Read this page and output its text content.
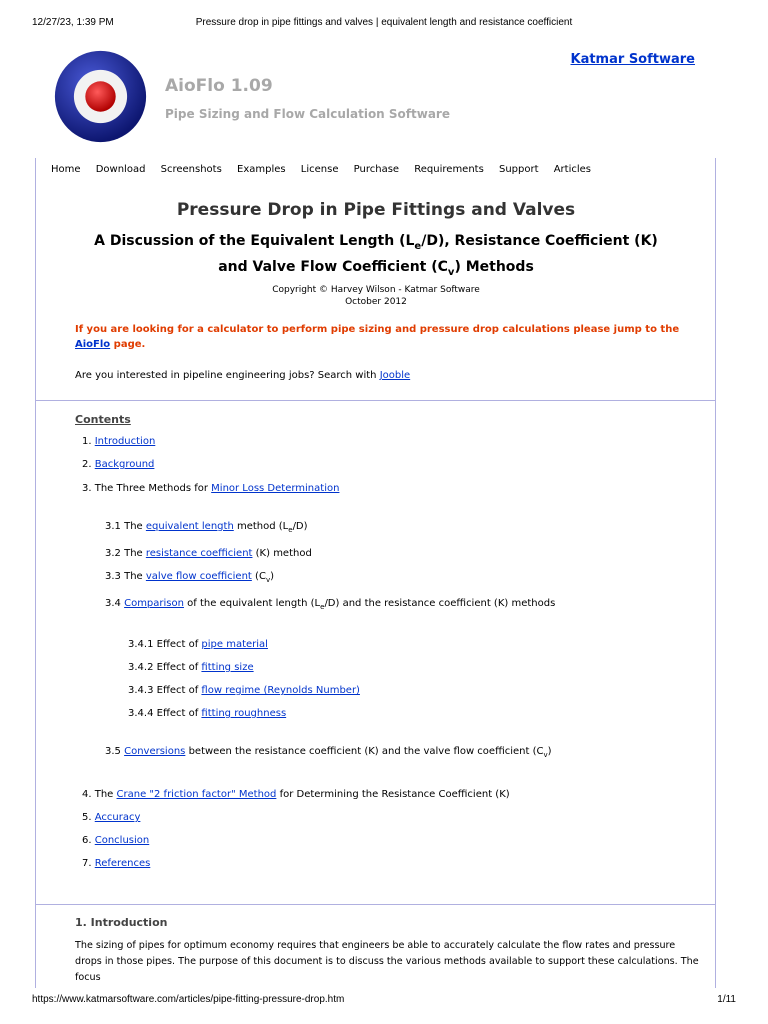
12/27/23, 1:39 PM	Pressure drop in pipe fittings and valves | equivalent length and resistance coefficient
AioFlo 1.09
Pipe Sizing and Flow Calculation Software
Katmar Software
Home Download Screenshots Examples License Purchase Requirements Support Articles
Pressure Drop in Pipe Fittings and Valves
A Discussion of the Equivalent Length $(L_e/D)$, Resistance Coefficient (K) and Valve Flow Coefficient $(C_v)$ Methods
Copyright © Harvey Wilson - Katmar Software
October 2012
If you are looking for a calculator to perform pipe sizing and pressure drop calculations please jump to the AioFlo page.
Are you interested in pipeline engineering jobs? Search with Jooble
Contents
1. Introduction
2. Background
3. The Three Methods for Minor Loss Determination
3.1 The equivalent length method $(L_e/D)$
3.2 The resistance coefficient (K) method
3.3 The valve flow coefficient $(C_v)$
3.4 Comparison of the equivalent length $(L_e/D)$ and the resistance coefficient (K) methods
3.4.1 Effect of pipe material
3.4.2 Effect of fitting size
3.4.3 Effect of flow regime (Reynolds Number)
3.4.4 Effect of fitting roughness
3.5 Conversions between the resistance coefficient (K) and the valve flow coefficient $(C_v)$
4. The Crane "2 friction factor" Method for Determining the Resistance Coefficient (K)
5. Accuracy
6. Conclusion
7. References
1. Introduction
The sizing of pipes for optimum economy requires that engineers be able to accurately calculate the flow rates and pressure drops in those pipes. The purpose of this document is to discuss the various methods available to support these calculations. The focus
https://www.katmarsoftware.com/articles/pipe-fitting-pressure-drop.htm	1/11
